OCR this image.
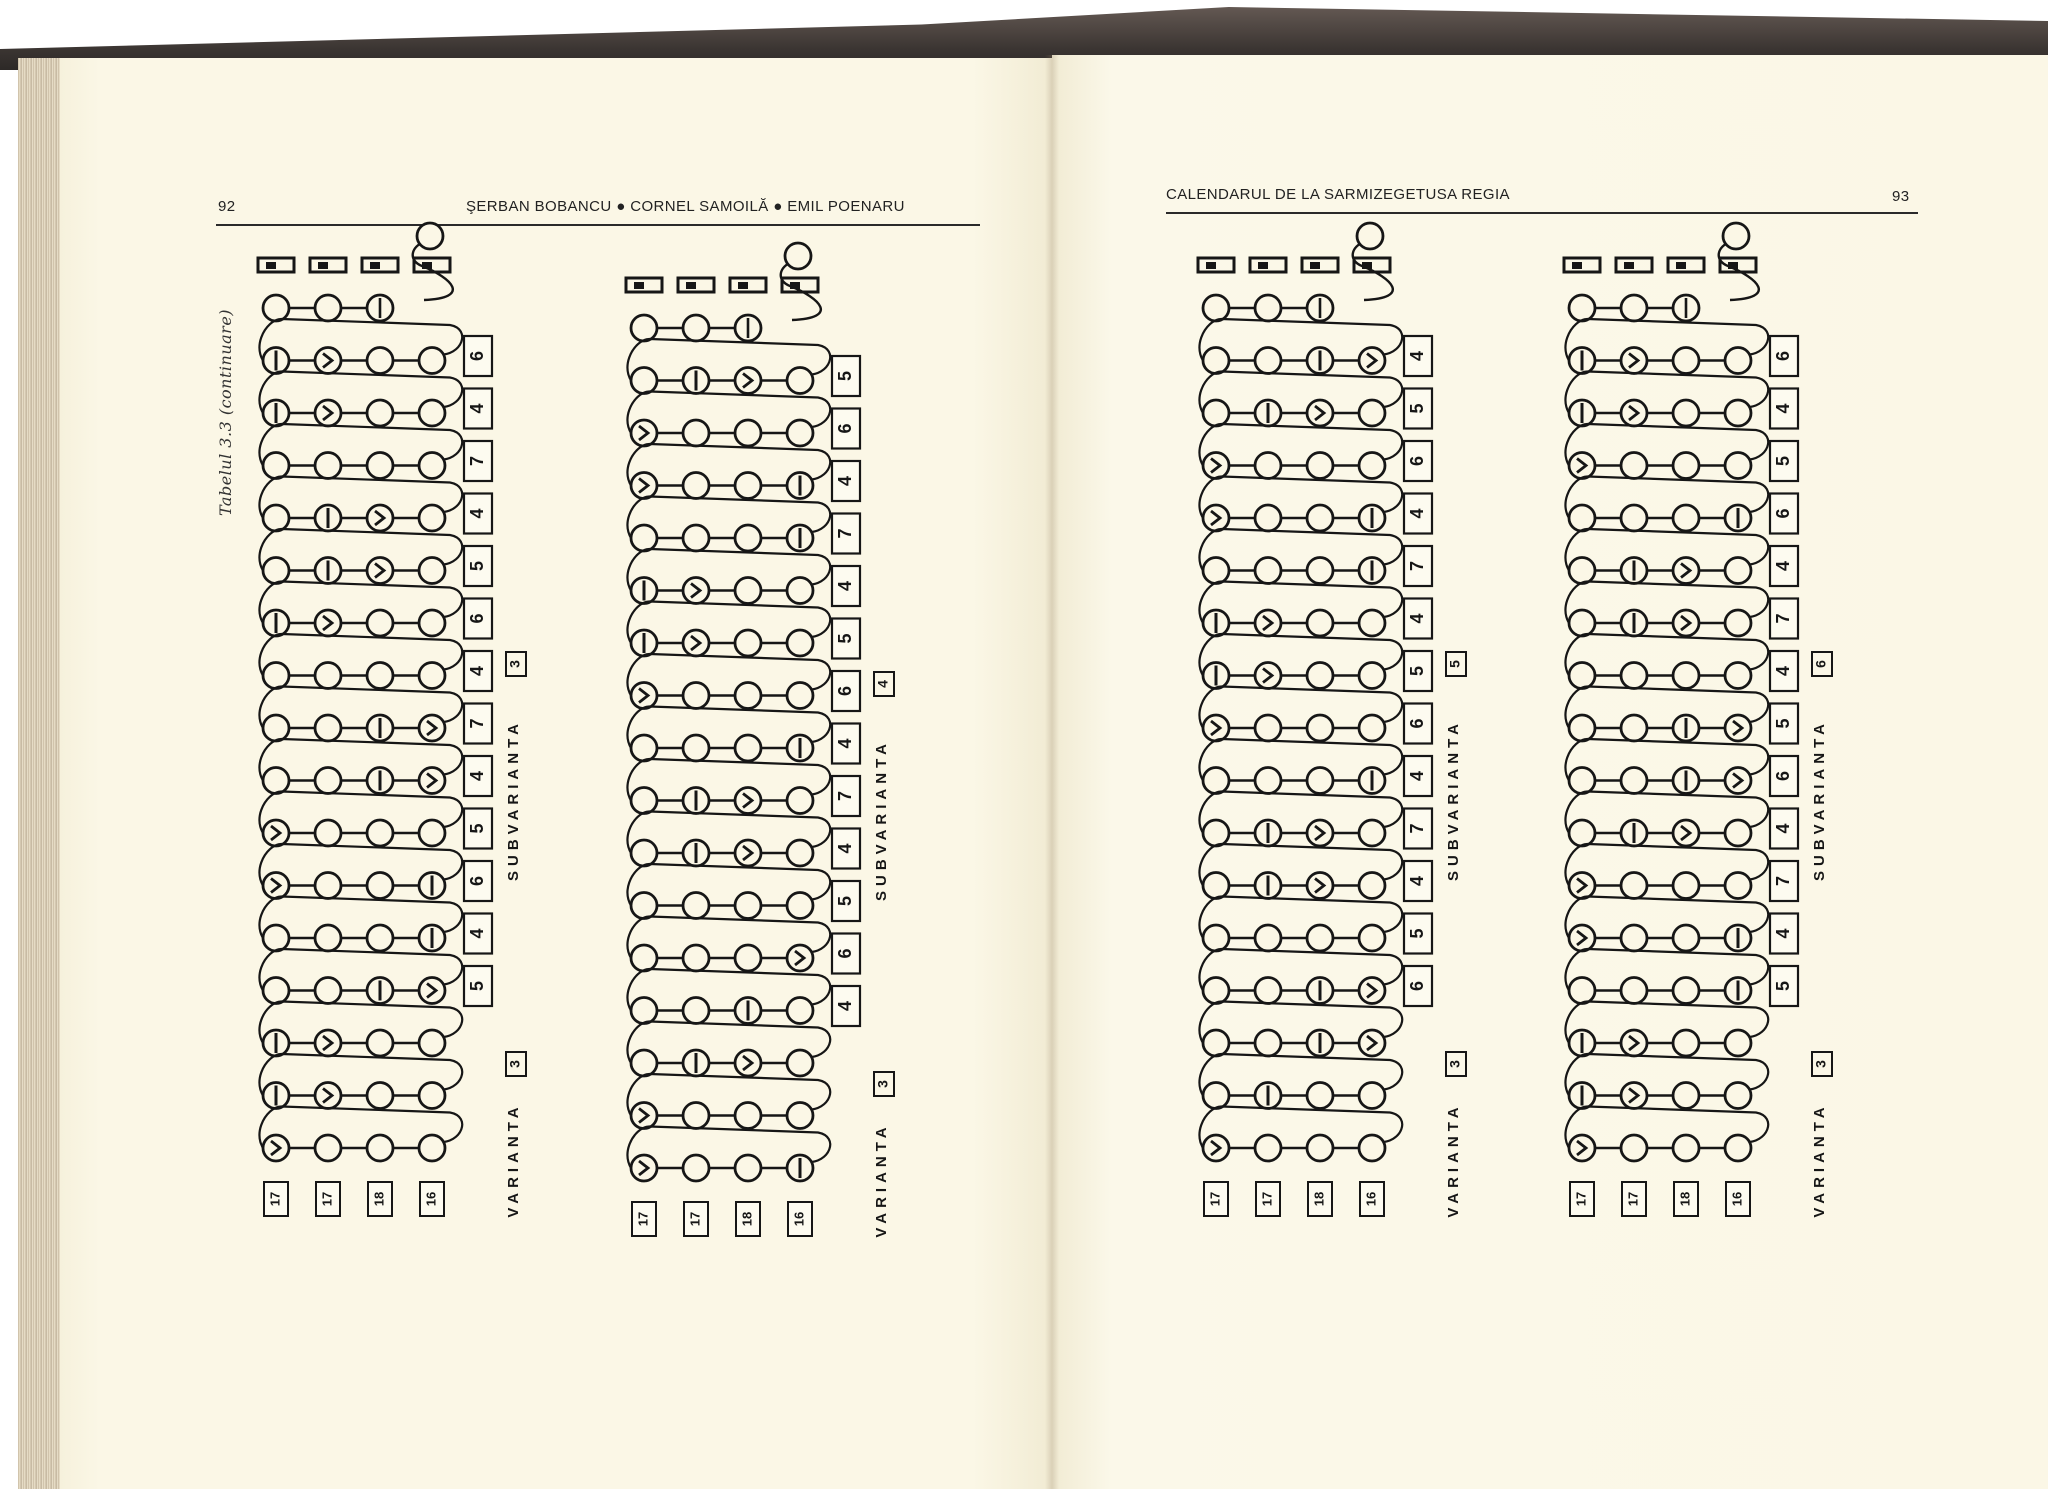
92	ŞERBAN BOBANCU ● CORNEL SAMOILĂ ● EMIL POENARU
CALENDARUL DE LA SARMIZEGETUSA REGIA	93
Tabelul 3.3 (continuare)	6
4
7
4
5
6
4
7
4
5
6
4
5
SUBVARIANTA
3
VARIANTA
3
17	17	18	16
5
6
4
7
4
5
6
4
7
4
5
6
4
SUBVARIANTA
4
VARIANTA
3
17	17	18	16
4
5
6
4
7
4
5
6
4
7
4
5
6
SUBVARIANTA
5
VARIANTA
3
17	17	18	16
6
4
5
6
4
7
4
5
6
4
7
4
5
SUBVARIANTA
6
VARIANTA
3
17	17	18	16
